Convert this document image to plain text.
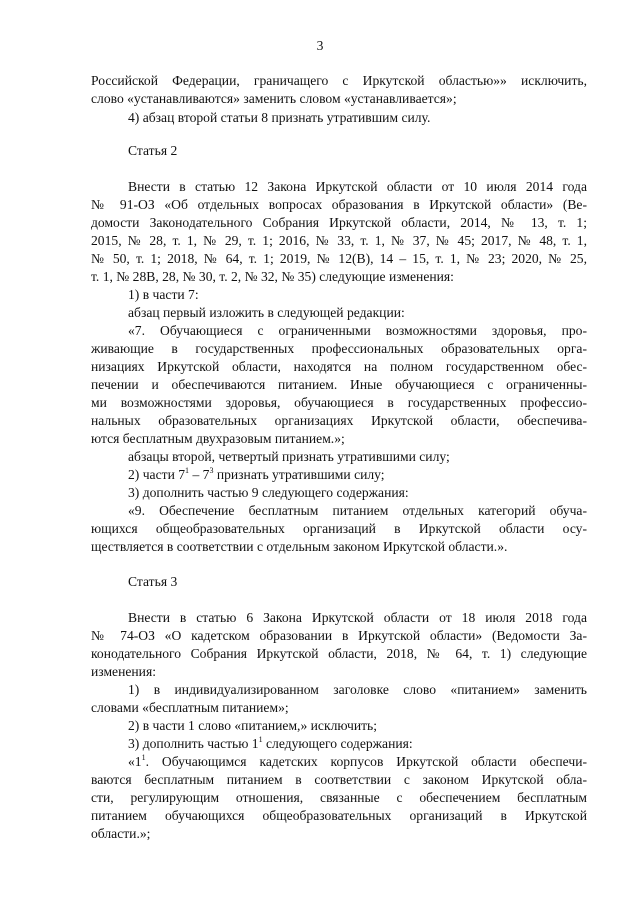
3
Российской Федерации, граничащего с Иркутской областью»» исключить,
слово «устанавливаются» заменить словом «устанавливается»;
4) абзац второй статьи 8 признать утратившим силу.
Статья 2
Внести в статью 12 Закона Иркутской области от 10 июля 2014 года
№ 91-ОЗ «Об отдельных вопросах образования в Иркутской области» (Ве-
домости Законодательного Собрания Иркутской области, 2014, № 13, т. 1;
2015, № 28, т. 1, № 29, т. 1; 2016, № 33, т. 1, № 37, № 45; 2017, № 48, т. 1,
№ 50, т. 1; 2018, № 64, т. 1; 2019, № 12(В), 14 – 15, т. 1, № 23; 2020, № 25,
т. 1, № 28В, 28, № 30, т. 2, № 32, № 35) следующие изменения:
1) в части 7:
абзац первый изложить в следующей редакции:
«7. Обучающиеся с ограниченными возможностями здоровья, про-
живающие в государственных профессиональных образовательных орга-
низациях Иркутской области, находятся на полном государственном обес-
печении и обеспечиваются питанием. Иные обучающиеся с ограниченны-
ми возможностями здоровья, обучающиеся в государственных профессио-
нальных образовательных организациях Иркутской области, обеспечива-
ются бесплатным двухразовым питанием.»;
абзацы второй, четвертый признать утратившими силу;
2) части $7^1 - 7^3$ признать утратившими силу;
3) дополнить частью 9 следующего содержания:
«9. Обеспечение бесплатным питанием отдельных категорий обуча-
ющихся общеобразовательных организаций в Иркутской области осу-
ществляется в соответствии с отдельным законом Иркутской области.».
Статья 3
Внести в статью 6 Закона Иркутской области от 18 июля 2018 года
№ 74-ОЗ «О кадетском образовании в Иркутской области» (Ведомости За-
конодательного Собрания Иркутской области, 2018, № 64, т. 1) следующие
изменения:
1) в индивидуализированном заголовке слово «питанием» заменить
словами «бесплатным питанием»;
2) в части 1 слово «питанием,» исключить;
3) дополнить частью $1^1$ следующего содержания:
«$1^1$. Обучающимся кадетских корпусов Иркутской области обеспечи-
ваются бесплатным питанием в соответствии с законом Иркутской обла-
сти, регулирующим отношения, связанные с обеспечением бесплатным
питанием обучающихся общеобразовательных организаций в Иркутской
области.»;
